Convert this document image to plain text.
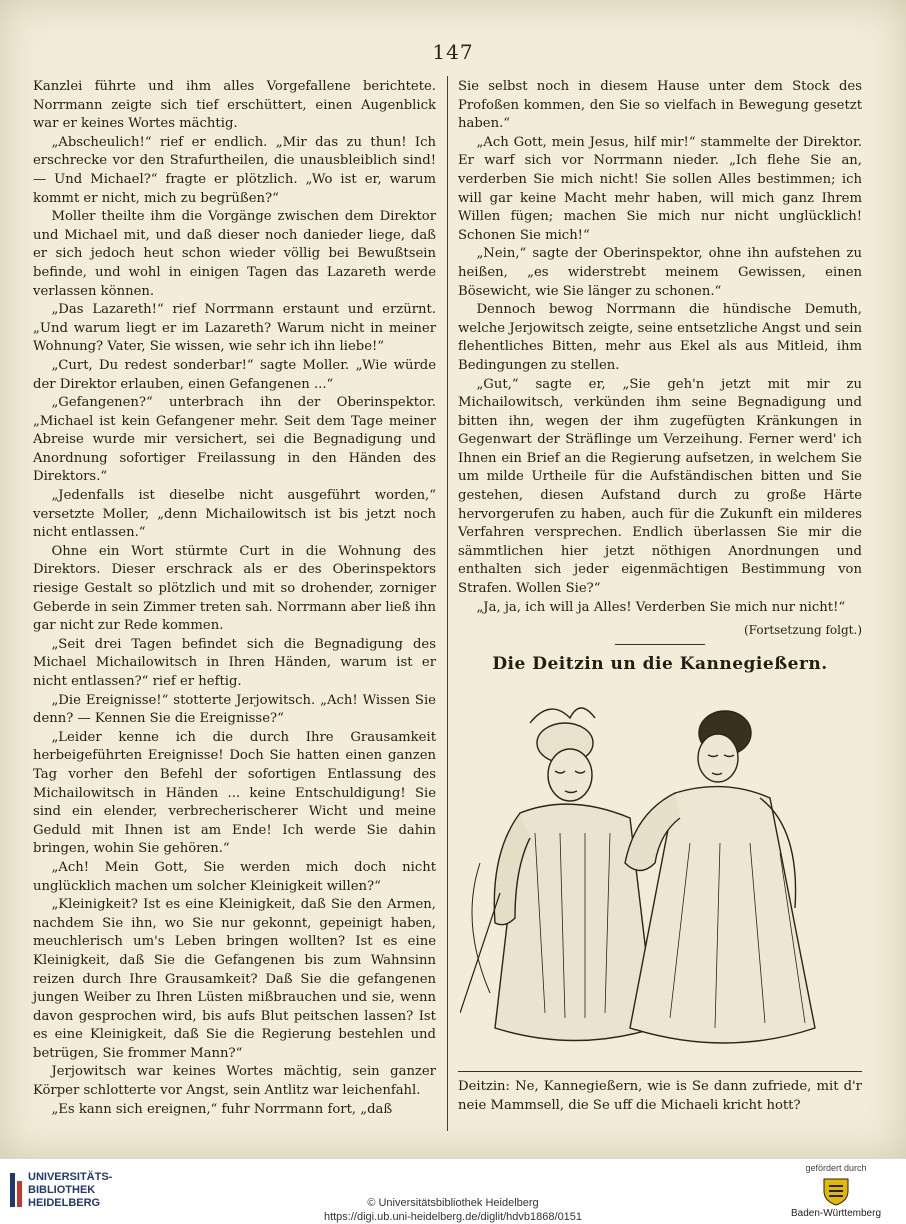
147

Kanzlei führte und ihm alles Vorgefallene berichtete. Norrmann zeigte sich tief erschüttert, einen Augenblick war er keines Wortes mächtig.

„Abscheulich!“ rief er endlich. „Mir das zu thun! Ich erschrecke vor den Strafurtheilen, die unausbleiblich sind! — Und Michael?“ fragte er plötzlich. „Wo ist er, warum kommt er nicht, mich zu begrüßen?“

Moller theilte ihm die Vorgänge zwischen dem Direktor und Michael mit, und daß dieser noch danieder liege, daß er sich jedoch heut schon wieder völlig bei Bewußtsein befinde, und wohl in einigen Tagen das Lazareth werde verlassen können.

„Das Lazareth!“ rief Norrmann erstaunt und erzürnt. „Und warum liegt er im Lazareth? Warum nicht in meiner Wohnung? Vater, Sie wissen, wie sehr ich ihn liebe!“

„Curt, Du redest sonderbar!“ sagte Moller. „Wie würde der Direktor erlauben, einen Gefangenen ...“

„Gefangenen?“ unterbrach ihn der Oberinspektor. „Michael ist kein Gefangener mehr. Seit dem Tage meiner Abreise wurde mir versichert, sei die Begnadigung und Anordnung sofortiger Freilassung in den Händen des Direktors.“

„Jedenfalls ist dieselbe nicht ausgeführt worden,“ versetzte Moller, „denn Michailowitsch ist bis jetzt noch nicht entlassen.“

Ohne ein Wort stürmte Curt in die Wohnung des Direktors. Dieser erschrack als er des Oberinspektors riesige Gestalt so plötzlich und mit so drohender, zorniger Geberde in sein Zimmer treten sah. Norrmann aber ließ ihn gar nicht zur Rede kommen.

„Seit drei Tagen befindet sich die Begnadigung des Michael Michailowitsch in Ihren Händen, warum ist er nicht entlassen?“ rief er heftig.

„Die Ereignisse!“ stotterte Jerjowitsch. „Ach! Wissen Sie denn? — Kennen Sie die Ereignisse?“

„Leider kenne ich die durch Ihre Grausamkeit herbeigeführten Ereignisse! Doch Sie hatten einen ganzen Tag vorher den Befehl der sofortigen Entlassung des Michailowitsch in Händen ... keine Entschuldigung! Sie sind ein elender, verbrecherischerer Wicht und meine Geduld mit Ihnen ist am Ende! Ich werde Sie dahin bringen, wohin Sie gehören.“

„Ach! Mein Gott, Sie werden mich doch nicht unglücklich machen um solcher Kleinigkeit willen?“

„Kleinigkeit? Ist es eine Kleinigkeit, daß Sie den Armen, nachdem Sie ihn, wo Sie nur gekonnt, gepeinigt haben, meuchlerisch um's Leben bringen wollten? Ist es eine Kleinigkeit, daß Sie die Gefangenen bis zum Wahnsinn reizen durch Ihre Grausamkeit? Daß Sie die gefangenen jungen Weiber zu Ihren Lüsten mißbrauchen und sie, wenn davon gesprochen wird, bis aufs Blut peitschen lassen? Ist es eine Kleinigkeit, daß Sie die Regierung bestehlen und betrügen, Sie frommer Mann?“

Jerjowitsch war keines Wortes mächtig, sein ganzer Körper schlotterte vor Angst, sein Antlitz war leichenfahl.

„Es kann sich ereignen,“ fuhr Norrmann fort, „daß

Sie selbst noch in diesem Hause unter dem Stock des Profoßen kommen, den Sie so vielfach in Bewegung gesetzt haben.“

„Ach Gott, mein Jesus, hilf mir!“ stammelte der Direktor. Er warf sich vor Norrmann nieder. „Ich flehe Sie an, verderben Sie mich nicht! Sie sollen Alles bestimmen; ich will gar keine Macht mehr haben, will mich ganz Ihrem Willen fügen; machen Sie mich nur nicht unglücklich! Schonen Sie mich!“

„Nein,“ sagte der Oberinspektor, ohne ihn aufstehen zu heißen, „es widerstrebt meinem Gewissen, einen Bösewicht, wie Sie länger zu schonen.“

Dennoch bewog Norrmann die hündische Demuth, welche Jerjowitsch zeigte, seine entsetzliche Angst und sein flehentliches Bitten, mehr aus Ekel als aus Mitleid, ihm Bedingungen zu stellen.

„Gut,“ sagte er, „Sie geh'n jetzt mit mir zu Michailowitsch, verkünden ihm seine Begnadigung und bitten ihn, wegen der ihm zugefügten Kränkungen in Gegenwart der Sträflinge um Verzeihung. Ferner werd' ich Ihnen ein Brief an die Regierung aufsetzen, in welchem Sie um milde Urtheile für die Aufständischen bitten und Sie gestehen, diesen Aufstand durch zu große Härte hervorgerufen zu haben, auch für die Zukunft ein milderes Verfahren versprechen. Endlich überlassen Sie mir die sämmtlichen hier jetzt nöthigen Anordnungen und enthalten sich jeder eigenmächtigen Bestimmung von Strafen. Wollen Sie?“

„Ja, ja, ich will ja Alles! Verderben Sie mich nur nicht!“

(Fortsetzung folgt.)
Die Deitzin un die Kannegießern.

Deitzin: Ne, Kannegießern, wie is Se dann zufriede, mit d'r neie Mammsell, die Se uff die Michaeli kricht hott?

UNIVERSITÄTS-
BIBLIOTHEK
HEIDELBERG	© Universitätsbibliothek Heidelberg
https://digi.ub.uni-heidelberg.de/diglit/hdvb1868/0151
gefördert durch
Baden-Württemberg
